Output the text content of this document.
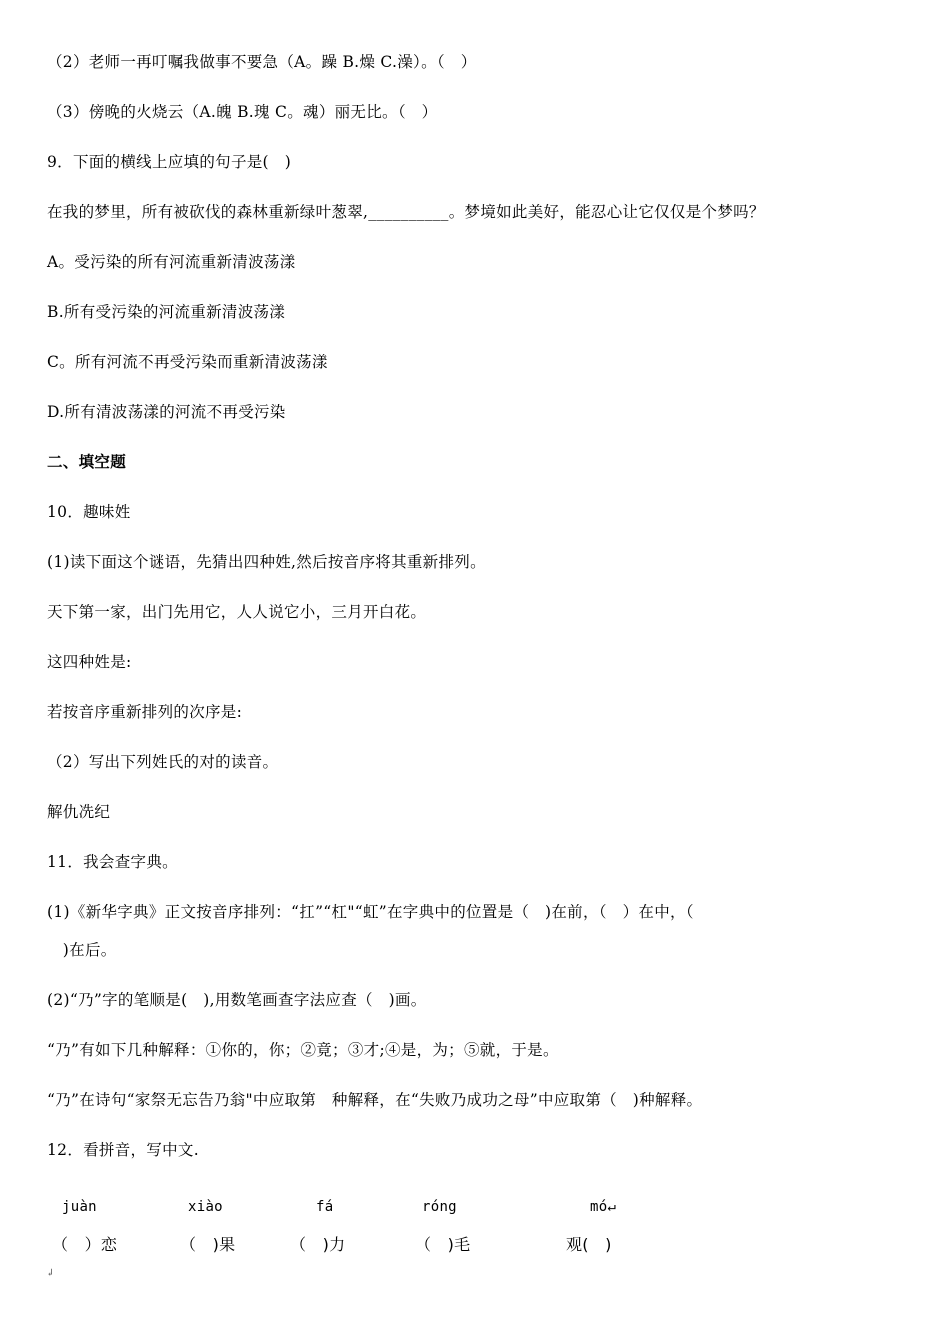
（2）老师一再叮嘱我做事不要急（A。躁 B.燥 C.澡）。（　）
（3）傍晚的火烧云（A.魄 B.瑰 C。魂）丽无比。（　）
9．下面的横线上应填的句子是(　)
在我的梦里，所有被砍伐的森林重新绿叶葱翠,__________。梦境如此美好，能忍心让它仅仅是个梦吗？
A。受污染的所有河流重新清波荡漾
B.所有受污染的河流重新清波荡漾
C。所有河流不再受污染而重新清波荡漾
D.所有清波荡漾的河流不再受污染
二、填空题
10．趣味姓
(1)读下面这个谜语，先猜出四种姓,然后按音序将其重新排列。
天下第一家，出门先用它，人人说它小，三月开白花。
这四种姓是:
若按音序重新排列的次序是:
（2）写出下列姓氏的对的读音。
解仇冼纪
11．我会查字典。
(1)《新华字典》正文按音序排列：“扛”“杠"“虹”在字典中的位置是（　)在前，（　）在中，（
　)在后。
(2)“乃”字的笔顺是(　),用数笔画查字法应查（　)画。
“乃”有如下几种解释：①你的，你；②竟；③才;④是，为；⑤就，于是。
“乃”在诗句“家祭无忘告乃翁"中应取第　种解释，在“失败乃成功之母”中应取第（　)种解释。
12．看拼音，写中文.
juàn	xiào	fá	róng	mó↵
（　）恋	（　)果	（　)力	（　)毛	观(　)
↲
